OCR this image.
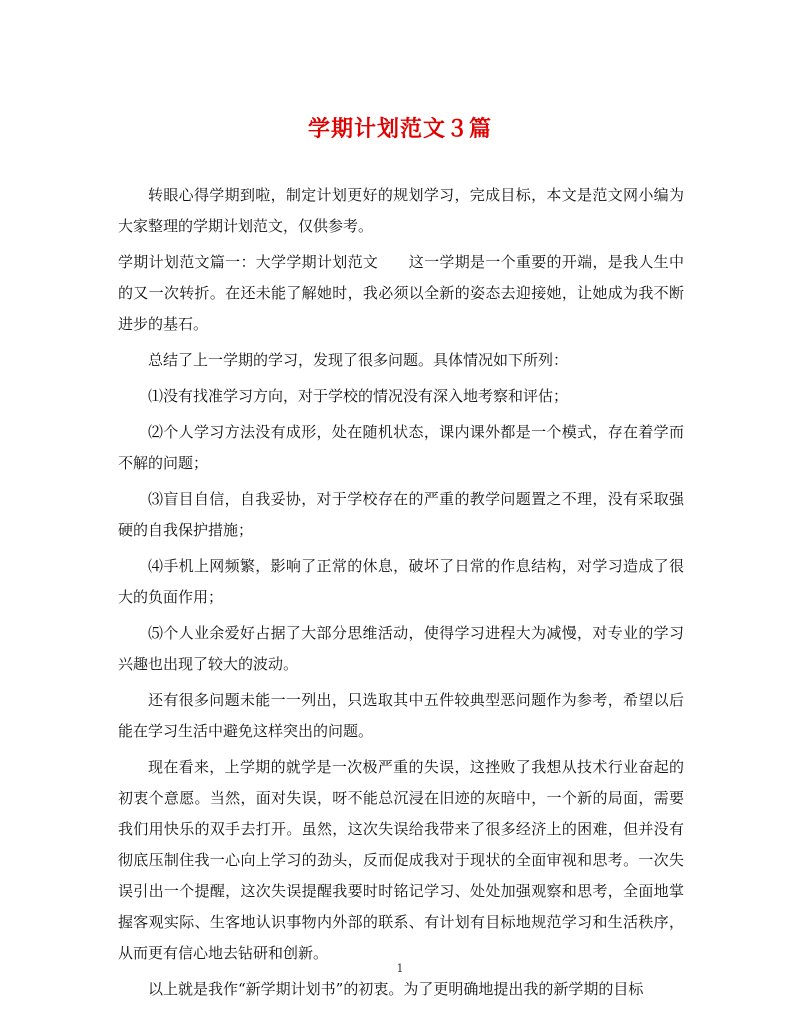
学期计划范文３篇

转眼心得学期到啦，制定计划更好的规划学习，完成目标，本文是范文网小编为大家整理的学期计划范文，仅供参考。

学期计划范文篇一：大学学期计划范文　　这一学期是一个重要的开端，是我人生中的又一次转折。在还未能了解她时，我必须以全新的姿态去迎接她，让她成为我不断进步的基石。

总结了上一学期的学习，发现了很多问题。具体情况如下所列：

⑴没有找准学习方向，对于学校的情况没有深入地考察和评估；

⑵个人学习方法没有成形，处在随机状态，课内课外都是一个模式，存在着学而不解的问题；

⑶盲目自信，自我妥协，对于学校存在的严重的教学问题置之不理，没有采取强硬的自我保护措施；

⑷手机上网频繁，影响了正常的休息，破坏了日常的作息结构，对学习造成了很大的负面作用；

⑸个人业余爱好占据了大部分思维活动，使得学习进程大为减慢，对专业的学习兴趣也出现了较大的波动。

还有很多问题未能一一列出，只选取其中五件较典型恶问题作为参考，希望以后能在学习生活中避免这样突出的问题。

现在看来，上学期的就学是一次极严重的失误，这挫败了我想从技术行业奋起的初衷个意愿。当然，面对失误，呀不能总沉浸在旧迹的灰暗中，一个新的局面，需要我们用快乐的双手去打开。虽然，这次失误给我带来了很多经济上的困难，但并没有彻底压制住我一心向上学习的劲头，反而促成我对于现状的全面审视和思考。一次失误引出一个提醒，这次失误提醒我要时时铭记学习、处处加强观察和思考，全面地掌握客观实际、生客地认识事物内外部的联系、有计划有目标地规范学习和生活秩序，从而更有信心地去钻研和创新。

以上就是我作“新学期计划书”的初衷。为了更明确地提出我的新学期的目标

1
